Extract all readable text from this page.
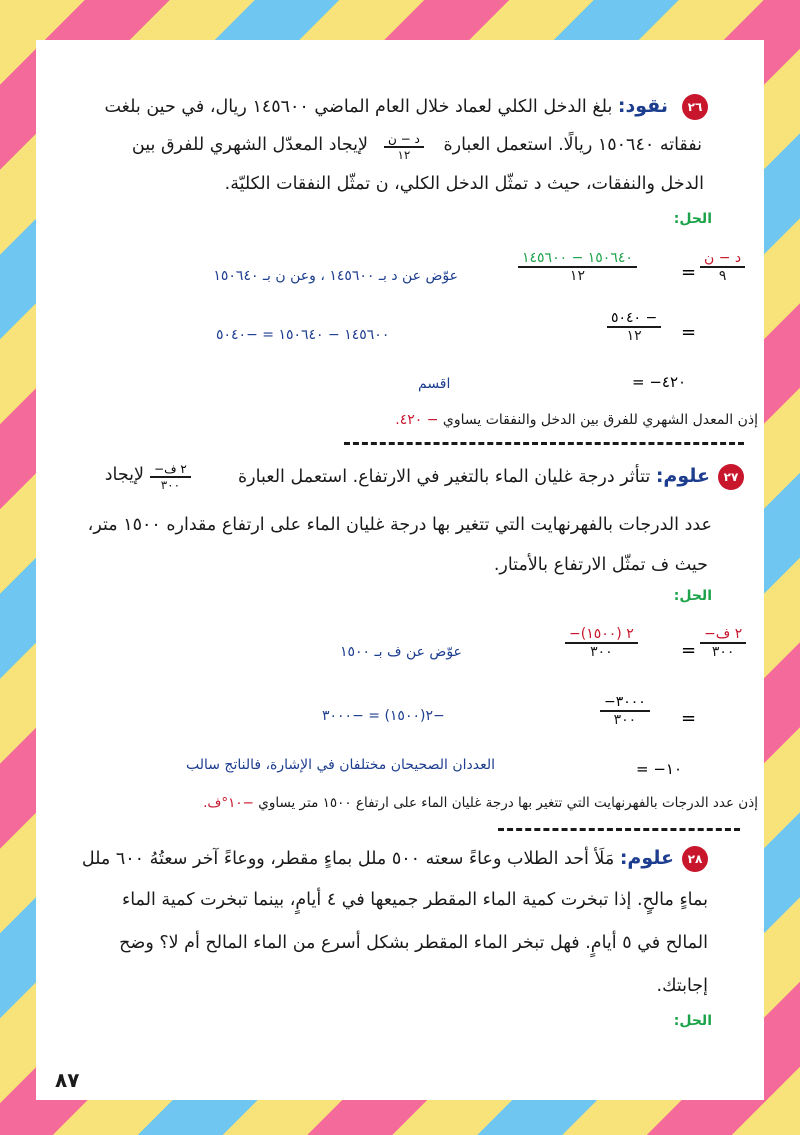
٢٦
نقود: بلغ الدخل الكلي لعماد خلال العام الماضي ١٤٥٦٠٠ ريال، في حين بلغت
نفقاته ١٥٠٦٤٠ ريالًا. استعمل العبارة
د − ن
١٢
لإيجاد المعدّل الشهري للفرق بين
الدخل والنفقات، حيث د تمثّل الدخل الكلي، ن تمثّل النفقات الكليّة.
الحل:
د − ن
٩
=
١٥٠٦٤٠ − ١٤٥٦٠٠
١٢
عوّض عن د بـ ١٤٥٦٠٠ ، وعن ن بـ ١٥٠٦٤٠
=
٥٠٤٠ −
١٢
١٤٥٦٠٠ − ١٥٠٦٤٠ = −٥٠٤٠
= −٤٢٠
اقسم
إذن المعدل الشهري للفرق بين الدخل والنفقات يساوي − ٤٢٠.
٢٧
علوم: تتأثر درجة غليان الماء بالتغير في الارتفاع. استعمل العبارة
−٢ ف
٣٠٠
لإيجاد
عدد الدرجات بالفهرنهايت التي تتغير بها درجة غليان الماء على ارتفاع مقداره ١٥٠٠ متر،
حيث ف تمثّل الارتفاع بالأمتار.
الحل:
−٢ ف
٣٠٠
=
−٢ (١٥٠٠)
٣٠٠
عوّض عن ف بـ ١٥٠٠
=
−٣٠٠٠
٣٠٠
−٢(١٥٠٠) = −٣٠٠٠
= −١٠
العددان الصحيحان مختلفان في الإشارة، فالناتج سالب
إذن عدد الدرجات بالفهرنهايت التي تتغير بها درجة غليان الماء على ارتفاع ١٥٠٠ متر يساوي −١٠°ف.
٢٨
علوم: مَلَأ أحد الطلاب وعاءً سعته ٥٠٠ ملل بماءٍ مقطر، ووعاءً آخر سعتُهُ ٦٠٠ ملل
بماءٍ مالحٍ. إذا تبخرت كمية الماء المقطر جميعها في ٤ أيامٍ، بينما تبخرت كمية الماء
المالح في ٥ أيامٍ. فهل تبخر الماء المقطر بشكل أسرع من الماء المالح أم لا؟ وضح
إجابتك.
الحل:
٨٧
